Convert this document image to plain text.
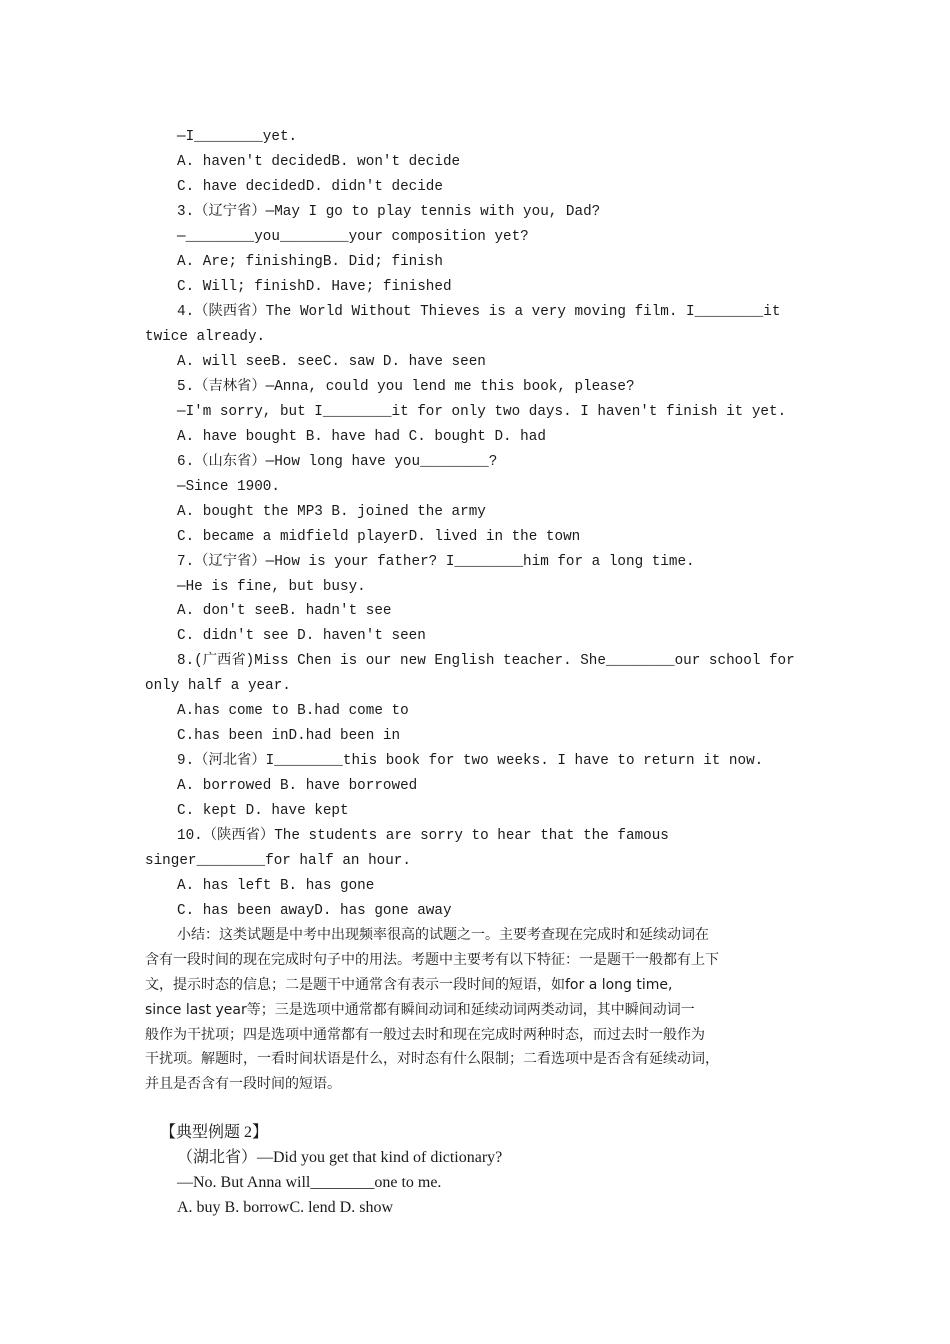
—I________yet.
A. haven't decidedB. won't decide
C. have decidedD. didn't decide
3.（辽宁省）—May I go to play tennis with you, Dad?
—________you________your composition yet?
A. Are; finishingB. Did; finish
C. Will; finishD. Have; finished
4.（陕西省）The World Without Thieves is a very moving film. I________it
twice already.
A. will seeB. seeC. saw D. have seen
5.（吉林省）—Anna, could you lend me this book, please?
—I'm sorry, but I________it for only two days. I haven't finish it yet.
A. have bought B. have had C. bought D. had
6.（山东省）—How long have you________?
—Since 1900.
A. bought the MP3 B. joined the army
C. became a midfield playerD. lived in the town
7.（辽宁省）—How is your father? I________him for a long time.
—He is fine, but busy.
A. don't seeB. hadn't see
C. didn't see D. haven't seen
8.(广西省)Miss Chen is our new English teacher. She________our school for
only half a year.
A.has come to B.had come to
C.has been inD.had been in
9.（河北省）I________this book for two weeks. I have to return it now.
A. borrowed B. have borrowed
C. kept D. have kept
10.（陕西省）The students are sorry to hear that the famous
singer________for half an hour.
A. has left B. has gone
C. has been awayD. has gone away
小结：这类试题是中考中出现频率很高的试题之一。主要考查现在完成时和延续动词在
含有一段时间的现在完成时句子中的用法。考题中主要考有以下特征：一是题干一般都有上下
文，提示时态的信息；二是题干中通常含有表示一段时间的短语，如for a long time,
since last year等；三是选项中通常都有瞬间动词和延续动词两类动词，其中瞬间动词一
般作为干扰项；四是选项中通常都有一般过去时和现在完成时两种时态，而过去时一般作为
干扰项。解题时，一看时间状语是什么，对时态有什么限制；二看选项中是否含有延续动词，
并且是否含有一段时间的短语。
【典型例题 2】
（湖北省）—Did you get that kind of dictionary?
—No. But Anna will________one to me.
A. buy B. borrowC. lend D. show
